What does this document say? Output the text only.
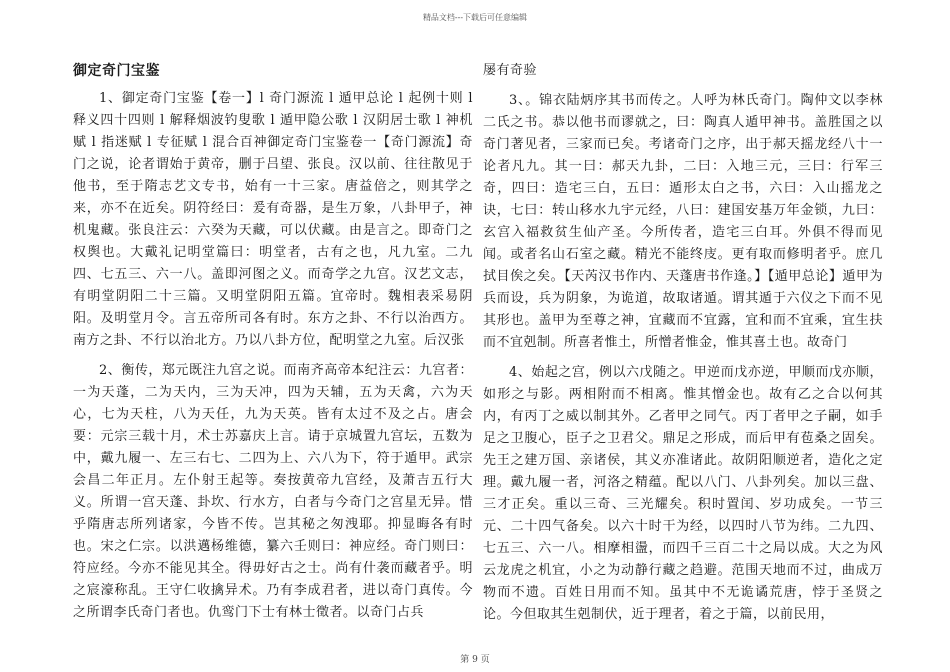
精品文档---下载后可任意编辑
御定奇门宝鉴

1、御定奇门宝鉴【卷一】l 奇门源流 l 遁甲总论 l 起例十则 l 释义四十四则 l 解释烟波钓叟歌 l 遁甲隐公歌 l 汉阴居士歌 l 神机赋 l 指迷赋 l 专征赋 l 混合百神御定奇门宝鉴卷一【奇门源流】奇门之说，论者谓始于黄帝，删于吕望、张良。汉以前、往往散见于他书，至于隋志艺文专书，始有一十三家。唐益倍之，则其学之来，亦不在近矣。阴符经曰：爰有奇器，是生万象，八卦甲子，神机鬼藏。张良注云：六癸为天藏，可以伏藏。由是言之。即奇门之权舆也。大戴礼记明堂篇曰：明堂者，古有之也，凡九室。二九四、七五三、六一八。盖即河图之义。而奇学之九宫。汉艺文志，有明堂阴阳二十三篇。又明堂阴阳五篇。宜帝时。魏相表采易阴阳。及明堂月令。言五帝所司各有时。东方之卦、不行以治西方。南方之卦、不行以治北方。乃以八卦方位，配明堂之九室。后汉张

2、衡传，郑元既注九宫之说。而南齐高帝本纪注云：九宫者：一为天蓬，二为天内，三为天冲，四为天辅，五为天禽，六为天心，七为天柱，八为天任，九为天英。皆有太过不及之占。唐会要：元宗三载十月，术士苏嘉庆上言。请于京城置九宫坛，五数为中，戴九履一、左三右七、二四为上、六八为下，符于遁甲。武宗会昌二年正月。左仆射王起等。奏按黄帝九宫经，及萧吉五行大义。所谓一宫天蓬、卦坎、行水方，白者与今奇门之宫星无异。惜乎隋唐志所列诸家，今皆不传。岂其秘之匆洩耶。抑显晦各有时也。宋之仁宗。以洪邁杨维德，纂六壬则曰：神应经。奇门则曰：符应经。今亦不能见其全。得毋好古之士。尚有什袭而藏者乎。明之宸濠称乱。王守仁收擒异术。乃有李成君者，进以奇门真传。今之所谓李氏奇门者也。仇鸾门下士有林士徵者。以奇门占兵

屡有奇验

3、。锦衣陆炳序其书而传之。人呼为林氏奇门。陶仲文以李林二氏之书。恭以他书而谬就之，曰：陶真人遁甲神书。盖胜国之以奇门著见者，三家而已矣。考诸奇门之序，出于郝天摇龙经八十一论者凡九。其一曰：郝天九卦，二曰：入地三元，三曰：行军三奇，四曰：造宅三白，五曰：遁形太白之书，六曰：入山摇龙之诀，七曰：转山移水九宇元经，八曰：建国安基万年金锁，九曰：玄宫入福救贫生仙产圣。今所传者，造宅三白耳。外俱不得而见闻。或者名山石室之藏。精光不能终庋。更有取而修明者乎。庶几拭目俟之矣。【天芮汉书作内、天蓬唐书作逢。】【遁甲总论】遁甲为兵而设，兵为阴象，为诡道，故取诸遁。谓其遁于六仪之下而不见其形也。盖甲为至尊之神，宜藏而不宜露，宜和而不宜乘，宜生扶而不宜剋制。所喜者惟土，所憎者惟金，惟其喜土也。故奇门

4、始起之宫，例以六戊随之。甲逆而戊亦逆，甲顺而戊亦顺，如形之与影。两相附而不相离。惟其憎金也。故有乙之合以何其内，有丙丁之威以制其外。乙者甲之同气。丙丁者甲之子嗣，如手足之卫腹心，臣子之卫君父。鼎足之形成，而后甲有苞桑之固矣。先王之建万国、亲诸侯，其义亦准诸此。故阴阳顺逆者，造化之定理。戴九履一者，河洛之精蕴。配以八门、八卦列矣。加以三盘、三才正矣。重以三奇、三光耀矣。积时置闰、岁功成矣。一节三元、二十四气备矣。以六十时干为经，以四时八节为纬。二九四、七五三、六一八。相摩相盪，而四千三百二十之局以成。大之为风云龙虎之机宜，小之为动静行藏之趋避。范围天地而不过，曲成万物而不遗。百姓日用而不知。虽其中不无诡谲荒唐，悖于圣贤之论。今但取其生剋制伏，近于理者，着之于篇，以前民用，

第 9 页
